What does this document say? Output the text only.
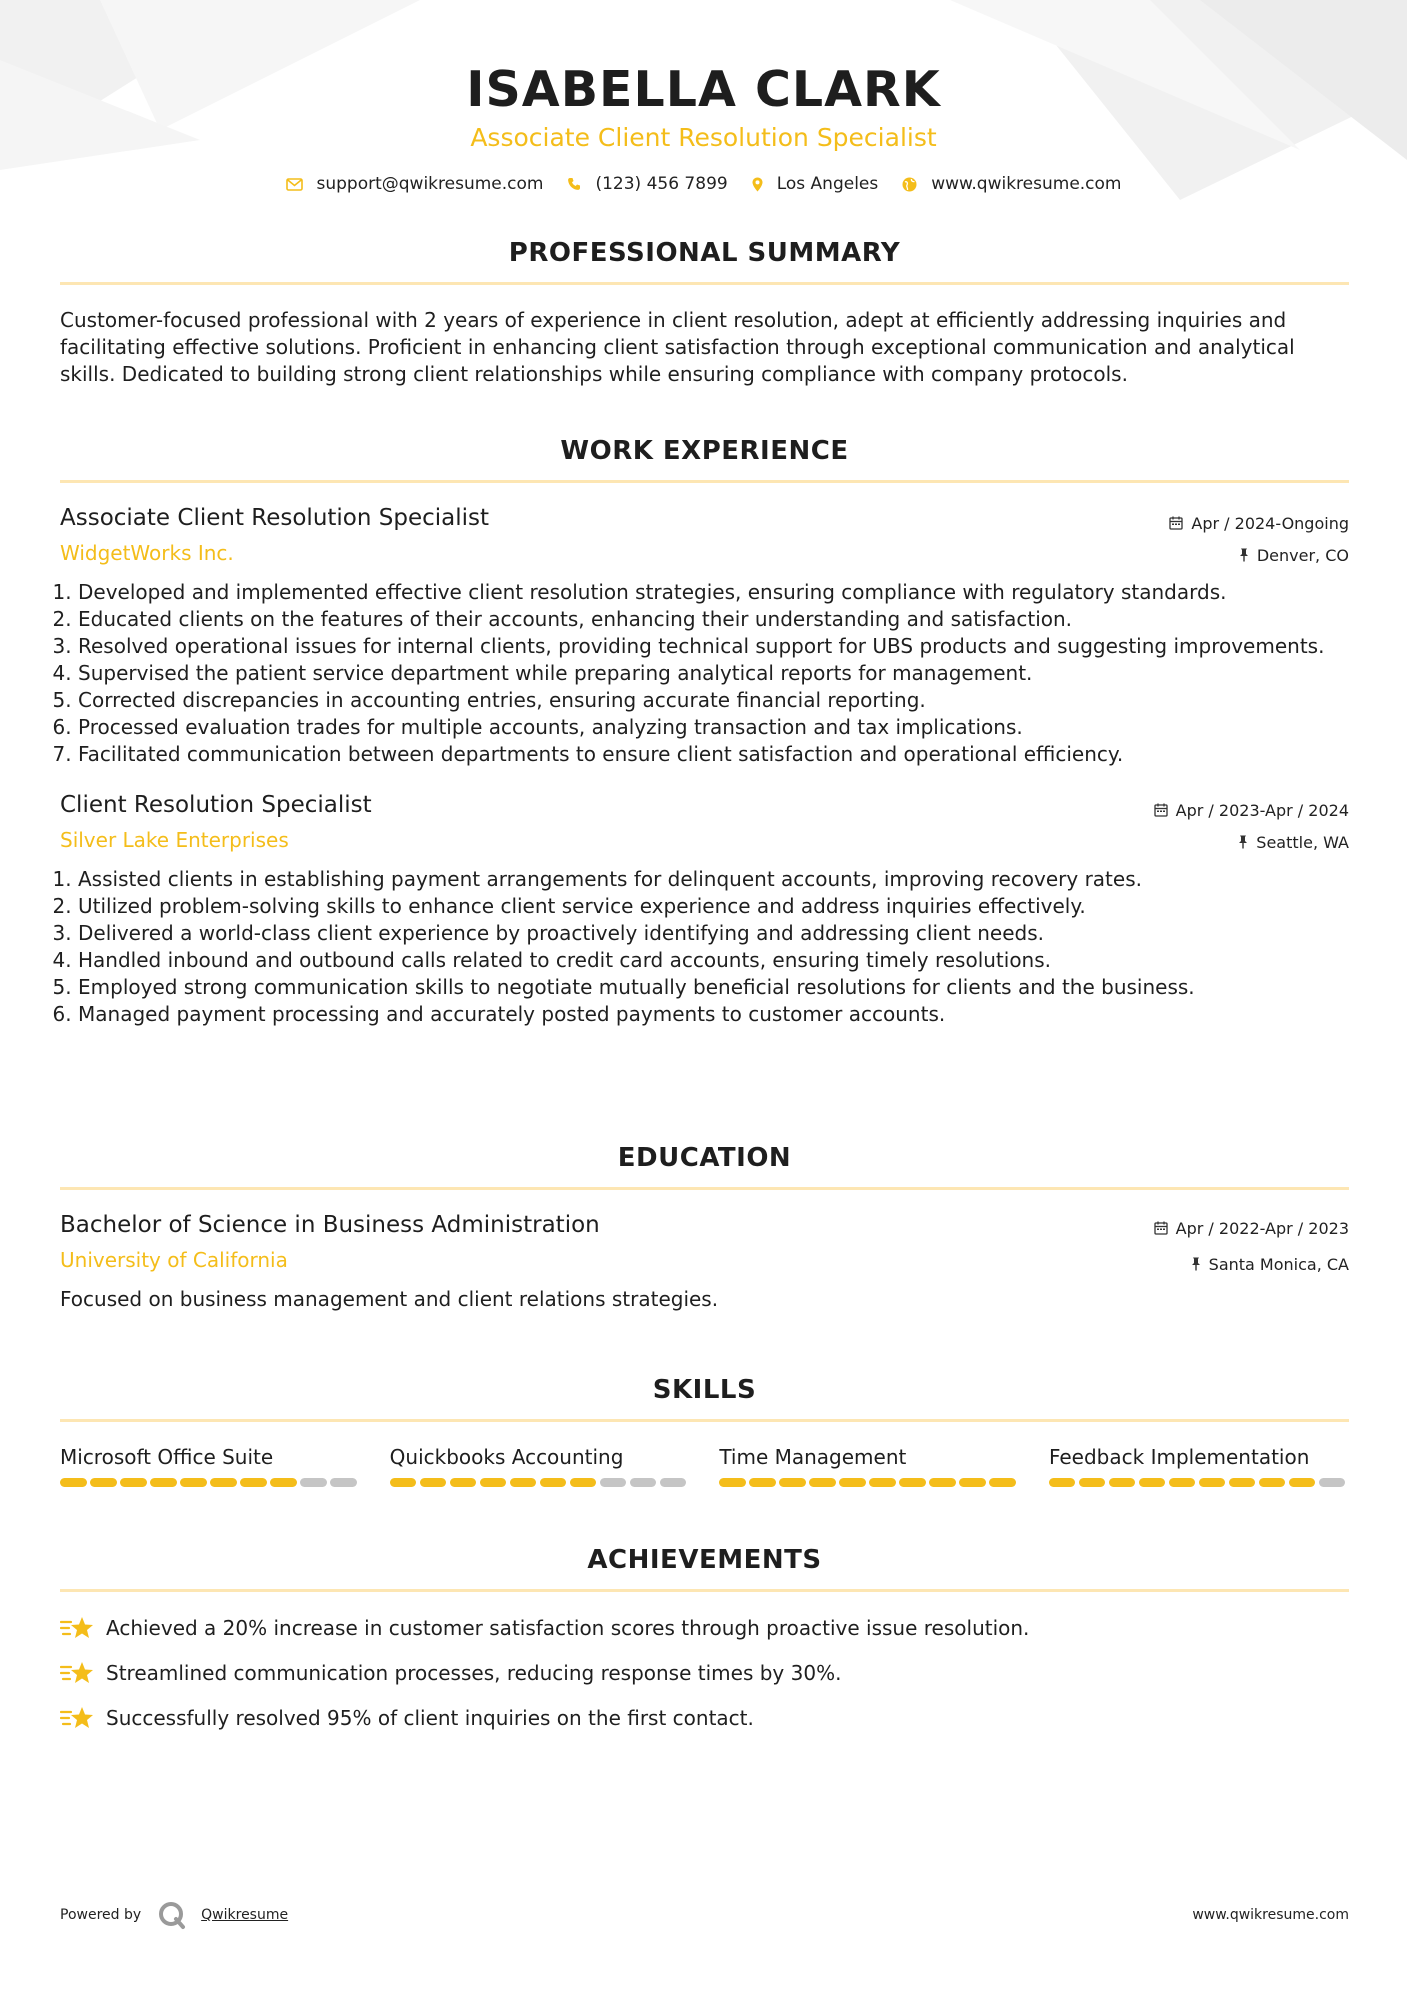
ISABELLA CLARK
Associate Client Resolution Specialist
support@qwikresume.com	(123) 456 7899	Los Angeles	www.qwikresume.com
PROFESSIONAL SUMMARY
Customer-focused professional with 2 years of experience in client resolution, adept at efficiently addressing inquiries and facilitating effective solutions. Proficient in enhancing client satisfaction through exceptional communication and analytical skills. Dedicated to building strong client relationships while ensuring compliance with company protocols.
WORK EXPERIENCE
Associate Client Resolution Specialist
WidgetWorks Inc.
Apr / 2024-Ongoing
Denver, CO
1. Developed and implemented effective client resolution strategies, ensuring compliance with regulatory standards.
2. Educated clients on the features of their accounts, enhancing their understanding and satisfaction.
3. Resolved operational issues for internal clients, providing technical support for UBS products and suggesting improvements.
4. Supervised the patient service department while preparing analytical reports for management.
5. Corrected discrepancies in accounting entries, ensuring accurate financial reporting.
6. Processed evaluation trades for multiple accounts, analyzing transaction and tax implications.
7. Facilitated communication between departments to ensure client satisfaction and operational efficiency.
Client Resolution Specialist
Silver Lake Enterprises
Apr / 2023-Apr / 2024
Seattle, WA
1. Assisted clients in establishing payment arrangements for delinquent accounts, improving recovery rates.
2. Utilized problem-solving skills to enhance client service experience and address inquiries effectively.
3. Delivered a world-class client experience by proactively identifying and addressing client needs.
4. Handled inbound and outbound calls related to credit card accounts, ensuring timely resolutions.
5. Employed strong communication skills to negotiate mutually beneficial resolutions for clients and the business.
6. Managed payment processing and accurately posted payments to customer accounts.
EDUCATION
Bachelor of Science in Business Administration
University of California
Apr / 2022-Apr / 2023
Santa Monica, CA
Focused on business management and client relations strategies.
SKILLS
Microsoft Office Suite	Quickbooks Accounting	Time Management	Feedback Implementation
ACHIEVEMENTS
Achieved a 20% increase in customer satisfaction scores through proactive issue resolution.
Streamlined communication processes, reducing response times by 30%.
Successfully resolved 95% of client inquiries on the first contact.
Powered by	Qwikresume	www.qwikresume.com
